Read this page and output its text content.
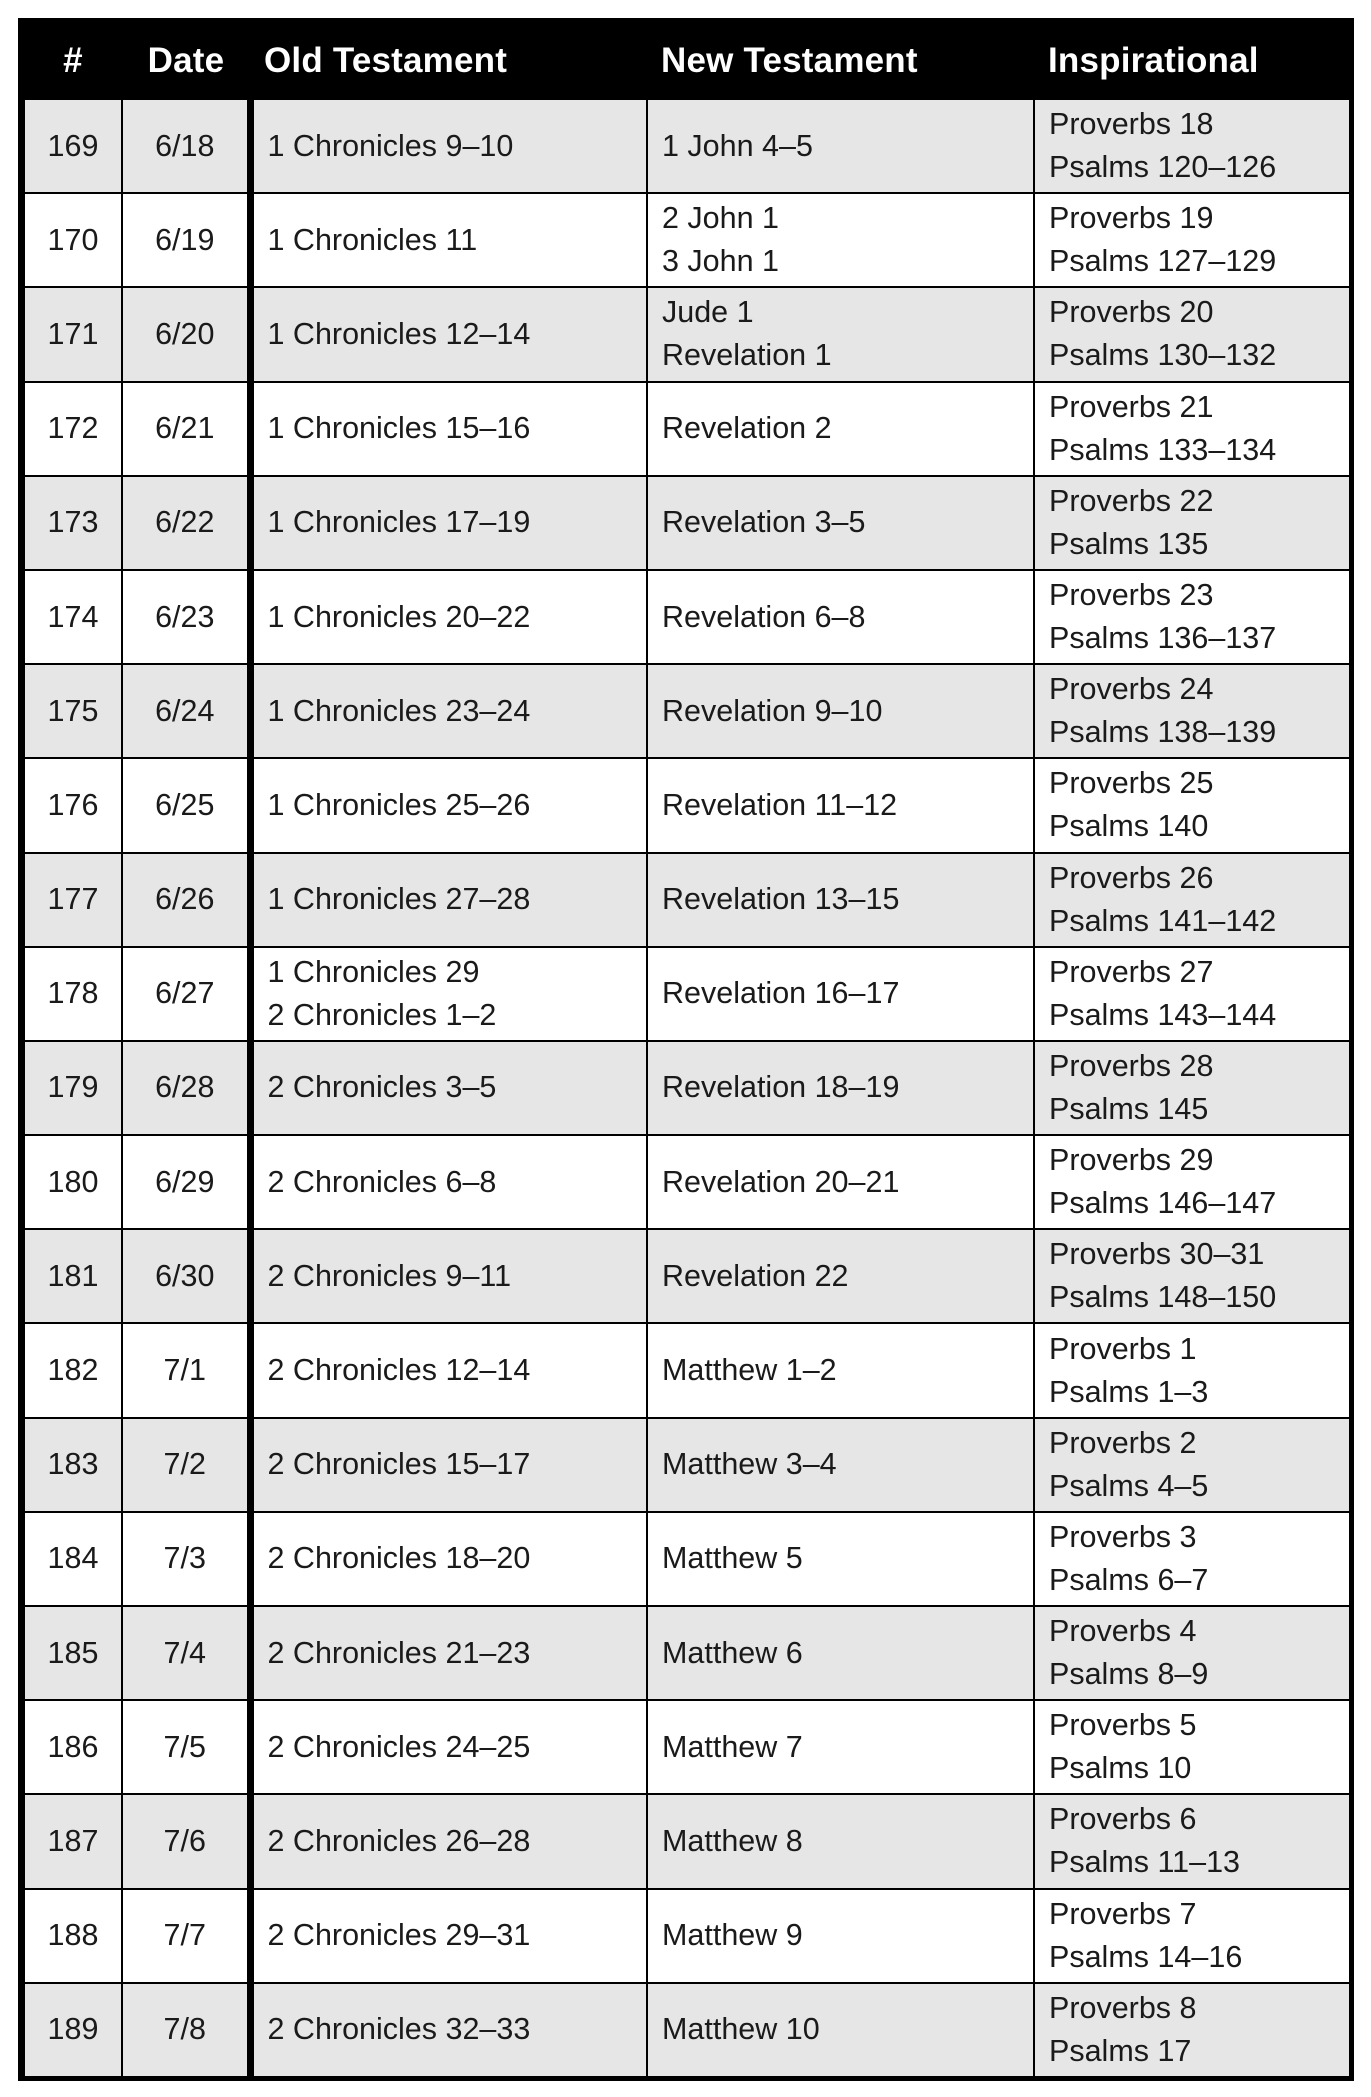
#	Date	Old Testament	New Testament	Inspirational
169	6/18	1 Chronicles 9–10	1 John 4–5	Proverbs 18
Psalms 120–126

170	6/19	1 Chronicles 11	2 John 1
3 John 1	Proverbs 19
Psalms 127–129

171	6/20	1 Chronicles 12–14	Jude 1
Revelation 1	Proverbs 20
Psalms 130–132

172	6/21	1 Chronicles 15–16	Revelation 2	Proverbs 21
Psalms 133–134

173	6/22	1 Chronicles 17–19	Revelation 3–5	Proverbs 22
Psalms 135

174	6/23	1 Chronicles 20–22	Revelation 6–8	Proverbs 23
Psalms 136–137

175	6/24	1 Chronicles 23–24	Revelation 9–10	Proverbs 24
Psalms 138–139

176	6/25	1 Chronicles 25–26	Revelation 11–12	Proverbs 25
Psalms 140

177	6/26	1 Chronicles 27–28	Revelation 13–15	Proverbs 26
Psalms 141–142

178	6/27	1 Chronicles 29
2 Chronicles 1–2	Revelation 16–17	Proverbs 27
Psalms 143–144

179	6/28	2 Chronicles 3–5	Revelation 18–19	Proverbs 28
Psalms 145

180	6/29	2 Chronicles 6–8	Revelation 20–21	Proverbs 29
Psalms 146–147

181	6/30	2 Chronicles 9–11	Revelation 22	Proverbs 30–31
Psalms 148–150

182	7/1	2 Chronicles 12–14	Matthew 1–2	Proverbs 1
Psalms 1–3

183	7/2	2 Chronicles 15–17	Matthew 3–4	Proverbs 2
Psalms 4–5

184	7/3	2 Chronicles 18–20	Matthew 5	Proverbs 3
Psalms 6–7

185	7/4	2 Chronicles 21–23	Matthew 6	Proverbs 4
Psalms 8–9

186	7/5	2 Chronicles 24–25	Matthew 7	Proverbs 5
Psalms 10

187	7/6	2 Chronicles 26–28	Matthew 8	Proverbs 6
Psalms 11–13

188	7/7	2 Chronicles 29–31	Matthew 9	Proverbs 7
Psalms 14–16

189	7/8	2 Chronicles 32–33	Matthew 10	Proverbs 8
Psalms 17
